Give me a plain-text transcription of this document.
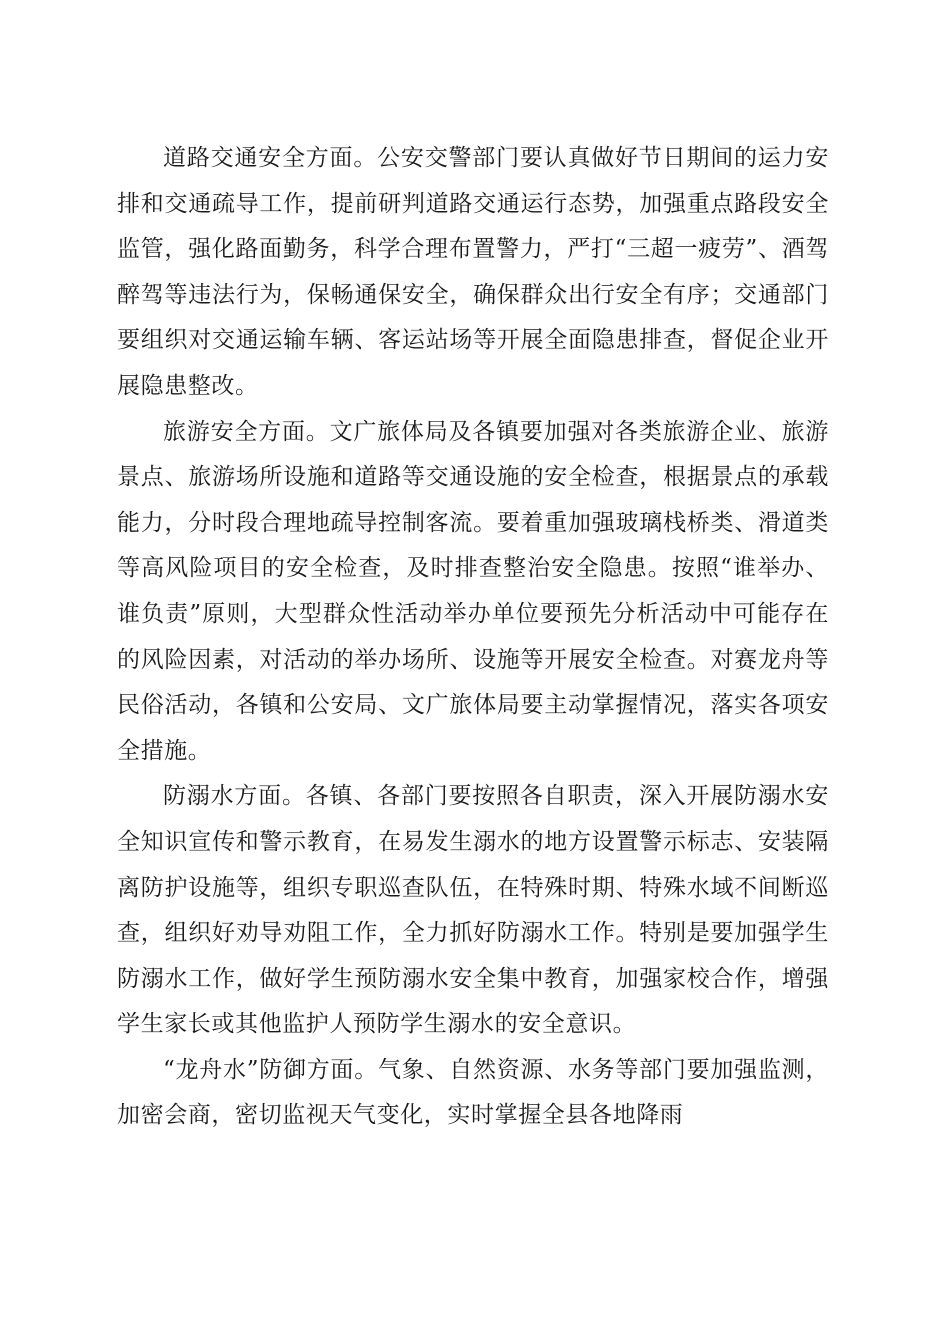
道路交通安全方面。公安交警部门要认真做好节日期间的运力安排和交通疏导工作，提前研判道路交通运行态势，加强重点路段安全监管，强化路面勤务，科学合理布置警力，严打“三超一疲劳”、酒驾醉驾等违法行为，保畅通保安全，确保群众出行安全有序；交通部门要组织对交通运输车辆、客运站场等开展全面隐患排查，督促企业开展隐患整改。

旅游安全方面。文广旅体局及各镇要加强对各类旅游企业、旅游景点、旅游场所设施和道路等交通设施的安全检查，根据景点的承载能力，分时段合理地疏导控制客流。要着重加强玻璃栈桥类、滑道类等高风险项目的安全检查，及时排查整治安全隐患。按照“谁举办、谁负责”原则，大型群众性活动举办单位要预先分析活动中可能存在的风险因素，对活动的举办场所、设施等开展安全检查。对赛龙舟等民俗活动，各镇和公安局、文广旅体局要主动掌握情况，落实各项安全措施。

防溺水方面。各镇、各部门要按照各自职责，深入开展防溺水安全知识宣传和警示教育，在易发生溺水的地方设置警示标志、安装隔离防护设施等，组织专职巡查队伍，在特殊时期、特殊水域不间断巡查，组织好劝导劝阻工作，全力抓好防溺水工作。特别是要加强学生防溺水工作，做好学生预防溺水安全集中教育，加强家校合作，增强学生家长或其他监护人预防学生溺水的安全意识。

“龙舟水”防御方面。气象、自然资源、水务等部门要加强监测，加密会商，密切监视天气变化，实时掌握全县各地降雨
